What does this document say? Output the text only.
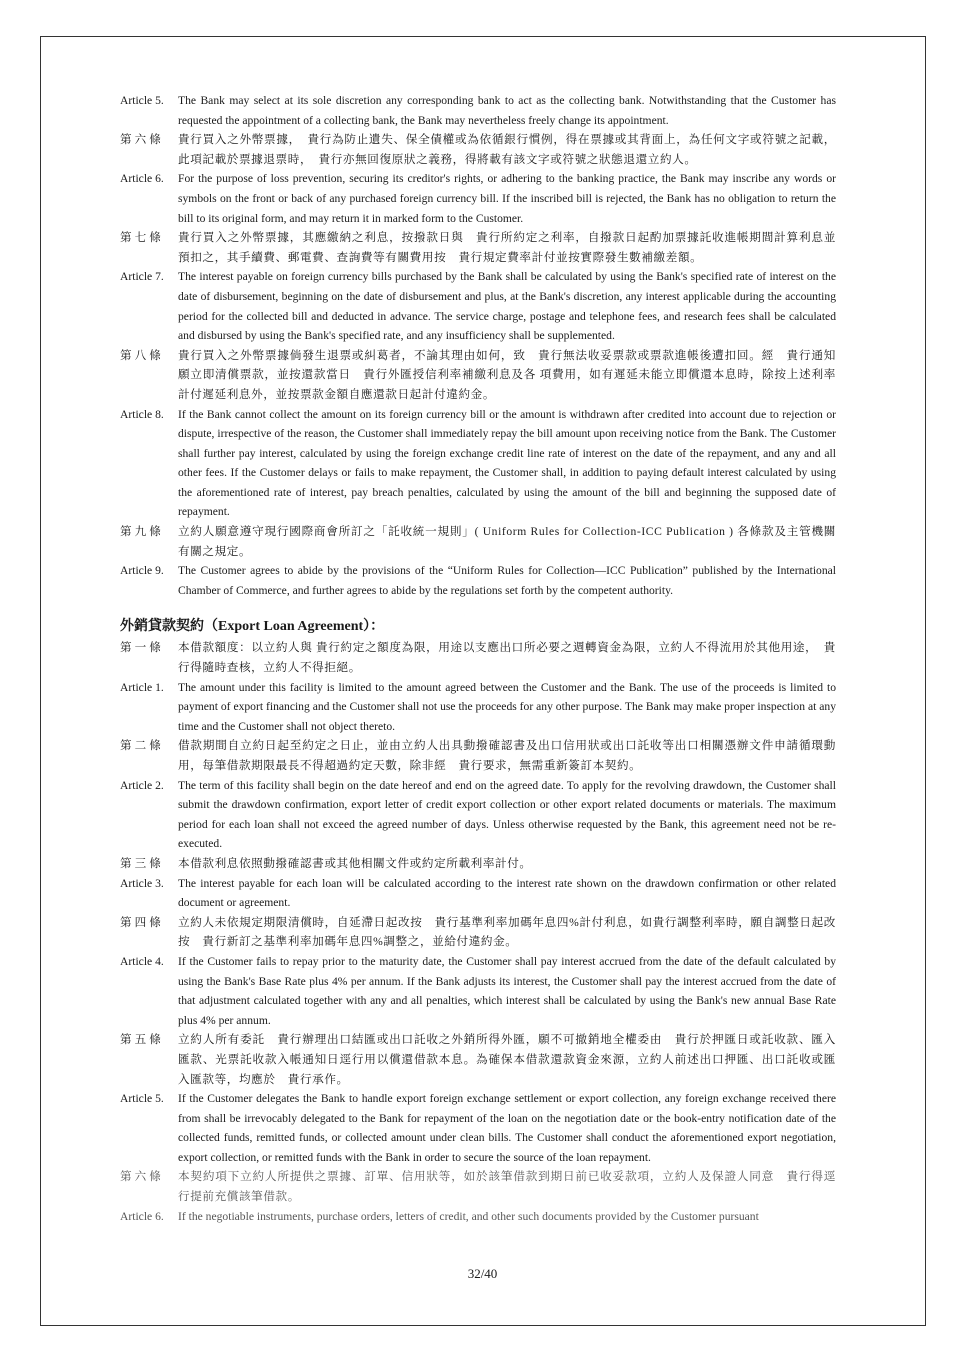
Article 5.	The Bank may select at its sole discretion any corresponding bank to act as the collecting bank. Notwithstanding that the Customer has requested the appointment of a collecting bank, the Bank may nevertheless freely change its appointment.
第六條	貴行買入之外幣票據，　貴行為防止遺失、保全債權或為依循銀行慣例，得在票據或其背面上，為任何文字或符號之記載，此項記載於票據退票時，　貴行亦無回復原狀之義務，得將載有該文字或符號之狀態退還立約人。
Article 6.	For the purpose of loss prevention, securing its creditor's rights, or adhering to the banking practice, the Bank may inscribe any words or symbols on the front or back of any purchased foreign currency bill. If the inscribed bill is rejected, the Bank has no obligation to return the bill to its original form, and may return it in marked form to the Customer.
第七條	貴行買入之外幣票據，其應繳納之利息，按撥款日與　貴行所約定之利率，自撥款日起酌加票據託收進帳期間計算利息並預扣之，其手續費、郵電費、查詢費等有關費用按　貴行規定費率計付並按實際發生數補繳差額。
Article 7.	The interest payable on foreign currency bills purchased by the Bank shall be calculated by using the Bank's specified rate of interest on the date of disbursement, beginning on the date of disbursement and plus, at the Bank's discretion, any interest applicable during the accounting period for the collected bill and deducted in advance. The service charge, postage and telephone fees, and research fees shall be calculated and disbursed by using the Bank's specified rate, and any insufficiency shall be supplemented.
第八條	貴行買入之外幣票據倘發生退票或糾葛者，不論其理由如何，致　貴行無法收妥票款或票款進帳後遭扣回。經　貴行通知願立即清償票款，並按還款當日　貴行外匯授信利率補繳利息及各 項費用，如有遲延未能立即償還本息時，除按上述利率計付遲延利息外，並按票款金額自應還款日起計付違約金。
Article 8.	If the Bank cannot collect the amount on its foreign currency bill or the amount is withdrawn after credited into account due to rejection or dispute, irrespective of the reason, the Customer shall immediately repay the bill amount upon receiving notice from the Bank. The Customer shall further pay interest, calculated by using the foreign exchange credit line rate of interest on the date of the repayment, and any and all other fees. If the Customer delays or fails to make repayment, the Customer shall, in addition to paying default interest calculated by using the aforementioned rate of interest, pay breach penalties, calculated by using the amount of the bill and beginning the supposed date of repayment.
第九條	立約人願意遵守現行國際商會所訂之「託收統一規則」( Uniform Rules for Collection-ICC Publication ) 各條款及主管機關有關之規定。
Article 9.	The Customer agrees to abide by the provisions of the “Uniform Rules for Collection—ICC Publication” published by the International Chamber of Commerce, and further agrees to abide by the regulations set forth by the competent authority.
外銷貸款契約（Export Loan Agreement）：
第一條	本借款額度：以立約人與 貴行約定之額度為限，用途以支應出口所必要之週轉資金為限，立約人不得流用於其他用途，　貴行得隨時查核，立約人不得拒絕。
Article 1.	The amount under this facility is limited to the amount agreed between the Customer and the Bank. The use of the proceeds is limited to payment of export financing and the Customer shall not use the proceeds for any other purpose. The Bank may make proper inspection at any time and the Customer shall not object thereto.
第二條	借款期間自立約日起至約定之日止，並由立約人出具動撥確認書及出口信用狀或出口託收等出口相關憑辦文件申請循環動用，每筆借款期限最長不得超過約定天數，除非經　貴行要求，無需重新簽訂本契約。
Article 2.	The term of this facility shall begin on the date hereof and end on the agreed date. To apply for the revolving drawdown, the Customer shall submit the drawdown confirmation, export letter of credit export collection or other export related documents or materials. The maximum period for each loan shall not exceed the agreed number of days. Unless otherwise requested by the Bank, this agreement need not be re-executed.
第三條	本借款利息依照動撥確認書或其他相關文件或約定所載利率計付。
Article 3.	The interest payable for each loan will be calculated according to the interest rate shown on the drawdown confirmation or other related document or agreement.
第四條	立約人未依規定期限清償時，自延滯日起改按　貴行基準利率加碼年息四%計付利息，如貴行調整利率時，願自調整日起改按　貴行新訂之基準利率加碼年息四%調整之，並給付違約金。
Article 4.	If the Customer fails to repay prior to the maturity date, the Customer shall pay interest accrued from the date of the default calculated by using the Bank's Base Rate plus 4% per annum. If the Bank adjusts its interest, the Customer shall pay the interest accrued from the date of that adjustment calculated together with any and all penalties, which interest shall be calculated by using the Bank's new annual Base Rate plus 4% per annum.
第五條	立約人所有委託　貴行辦理出口結匯或出口託收之外銷所得外匯，願不可撤銷地全權委由　貴行於押匯日或託收款、匯入匯款、光票託收款入帳通知日逕行用以償還借款本息。為確保本借款還款資金來源，立約人前述出口押匯、出口託收或匯入匯款等，均應於　貴行承作。
Article 5.	If the Customer delegates the Bank to handle export foreign exchange settlement or export collection, any foreign exchange received there from shall be irrevocably delegated to the Bank for repayment of the loan on the negotiation date or the book-entry notification date of the collected funds, remitted funds, or collected amount under clean bills. The Customer shall conduct the aforementioned export negotiation, export collection, or remitted funds with the Bank in order to secure the source of the loan repayment.
第六條	本契約項下立約人所提供之票據、訂單、信用狀等，如於該筆借款到期日前已收妥款項，立約人及保證人同意　貴行得逕行提前充償該筆借款。
Article 6.	If the negotiable instruments, purchase orders, letters of credit, and other such documents provided by the Customer pursuant
32/40
